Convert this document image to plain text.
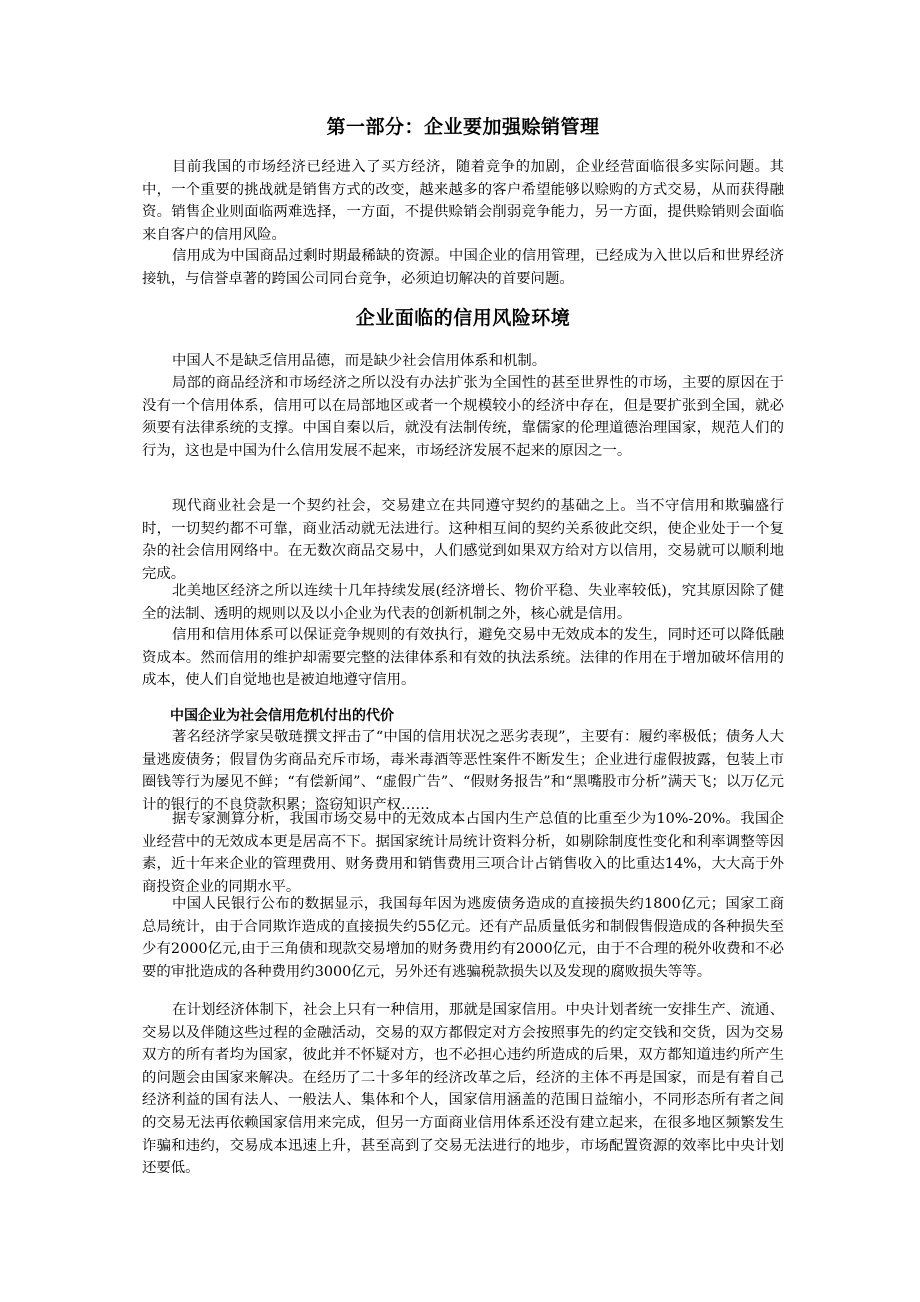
第一部分：企业要加强赊销管理

目前我国的市场经济已经进入了买方经济，随着竞争的加剧，企业经营面临很多实际问题。其中，一个重要的挑战就是销售方式的改变，越来越多的客户希望能够以赊购的方式交易，从而获得融资。销售企业则面临两难选择，一方面，不提供赊销会削弱竞争能力，另一方面，提供赊销则会面临来自客户的信用风险。

信用成为中国商品过剩时期最稀缺的资源。中国企业的信用管理，已经成为入世以后和世界经济接轨，与信誉卓著的跨国公司同台竞争，必须迫切解决的首要问题。

企业面临的信用风险环境

中国人不是缺乏信用品德，而是缺少社会信用体系和机制。

局部的商品经济和市场经济之所以没有办法扩张为全国性的甚至世界性的市场，主要的原因在于没有一个信用体系，信用可以在局部地区或者一个规模较小的经济中存在，但是要扩张到全国，就必须要有法律系统的支撑。中国自秦以后，就没有法制传统，靠儒家的伦理道德治理国家，规范人们的行为，这也是中国为什么信用发展不起来，市场经济发展不起来的原因之一。

现代商业社会是一个契约社会，交易建立在共同遵守契约的基础之上。当不守信用和欺骗盛行时，一切契约都不可靠，商业活动就无法进行。这种相互间的契约关系彼此交织，使企业处于一个复杂的社会信用网络中。在无数次商品交易中，人们感觉到如果双方给对方以信用，交易就可以顺利地完成。

北美地区经济之所以连续十几年持续发展(经济增长、物价平稳、失业率较低)，究其原因除了健全的法制、透明的规则以及以小企业为代表的创新机制之外，核心就是信用。

信用和信用体系可以保证竞争规则的有效执行，避免交易中无效成本的发生，同时还可以降低融资成本。然而信用的维护却需要完整的法律体系和有效的执法系统。法律的作用在于增加破坏信用的成本，使人们自觉地也是被迫地遵守信用。

中国企业为社会信用危机付出的代价

著名经济学家吴敬琏撰文抨击了“中国的信用状况之恶劣表现”，主要有：履约率极低；债务人大量逃废债务；假冒伪劣商品充斥市场，毒米毒酒等恶性案件不断发生；企业进行虚假披露，包装上市圈钱等行为屡见不鲜；“有偿新闻”、“虚假广告”、“假财务报告”和“黑嘴股市分析”满天飞；以万亿元计的银行的不良贷款积累；盗窃知识产权……

据专家测算分析，我国市场交易中的无效成本占国内生产总值的比重至少为10%-20%。我国企业经营中的无效成本更是居高不下。据国家统计局统计资料分析，如剔除制度性变化和利率调整等因素，近十年来企业的管理费用、财务费用和销售费用三项合计占销售收入的比重达14%，大大高于外商投资企业的同期水平。

中国人民银行公布的数据显示，我国每年因为逃废债务造成的直接损失约1800亿元；国家工商总局统计，由于合同欺诈造成的直接损失约55亿元。还有产品质量低劣和制假售假造成的各种损失至少有2000亿元,由于三角债和现款交易增加的财务费用约有2000亿元，由于不合理的税外收费和不必要的审批造成的各种费用约3000亿元，另外还有逃骗税款损失以及发现的腐败损失等等。

在计划经济体制下，社会上只有一种信用，那就是国家信用。中央计划者统一安排生产、流通、交易以及伴随这些过程的金融活动，交易的双方都假定对方会按照事先的约定交钱和交货，因为交易双方的所有者均为国家，彼此并不怀疑对方，也不必担心违约所造成的后果，双方都知道违约所产生的问题会由国家来解决。在经历了二十多年的经济改革之后，经济的主体不再是国家，而是有着自己经济利益的国有法人、一般法人、集体和个人，国家信用涵盖的范围日益缩小，不同形态所有者之间的交易无法再依赖国家信用来完成，但另一方面商业信用体系还没有建立起来，在很多地区频繁发生诈骗和违约，交易成本迅速上升，甚至高到了交易无法进行的地步，市场配置资源的效率比中央计划还要低。
